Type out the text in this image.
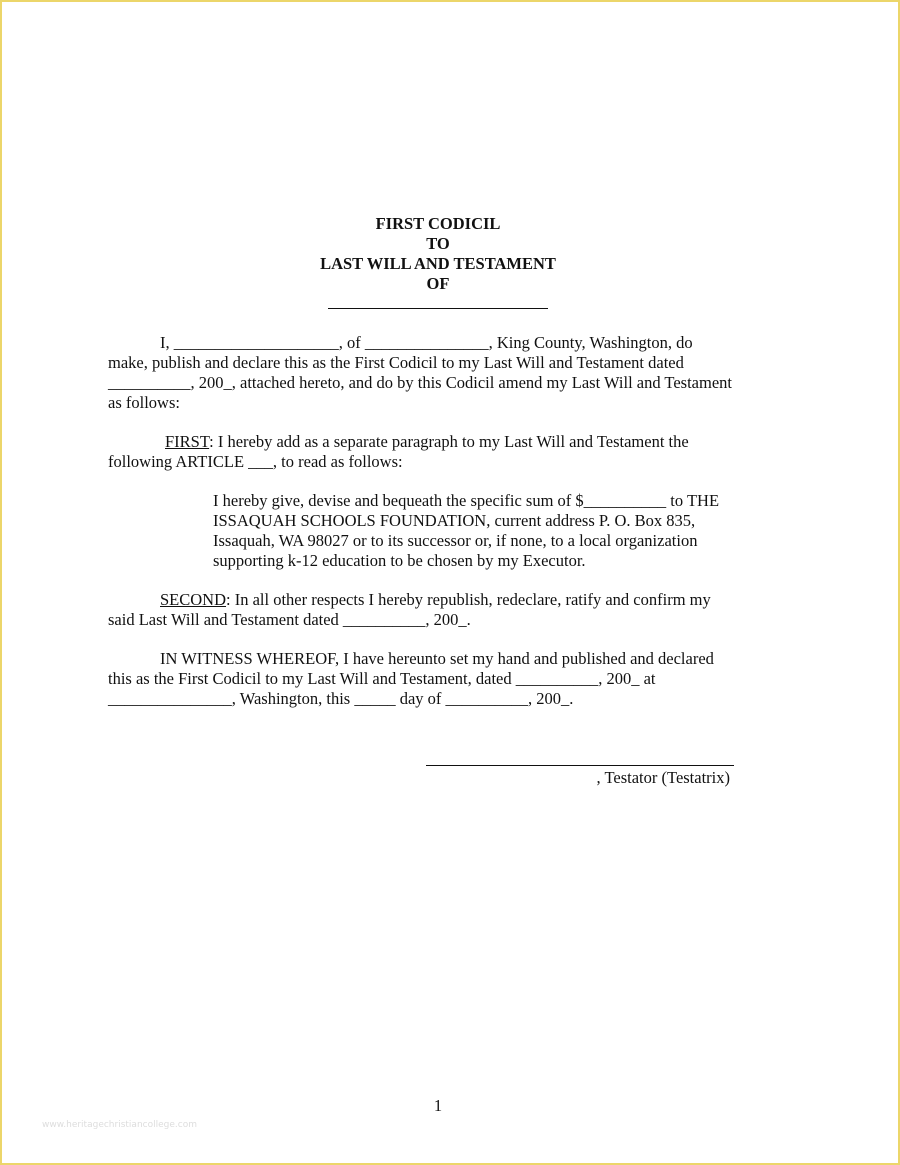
FIRST CODICIL
TO
LAST WILL AND TESTAMENT
OF
I, ____________________, of _______________, King County, Washington, do
make, publish and declare this as the First Codicil to my Last Will and Testament dated
__________, 200_, attached hereto, and do by this Codicil amend my Last Will and Testament
as follows:
FIRST: I hereby add as a separate paragraph to my Last Will and Testament the
following ARTICLE ___, to read as follows:
I hereby give, devise and bequeath the specific sum of $__________ to THE
ISSAQUAH SCHOOLS FOUNDATION, current address P. O. Box 835,
Issaquah, WA 98027 or to its successor or, if none, to a local organization
supporting k-12 education to be chosen by my Executor.
SECOND: In all other respects I hereby republish, redeclare, ratify and confirm my
said Last Will and Testament dated __________, 200_.
IN WITNESS WHEREOF, I have hereunto set my hand and published and declared
this as the First Codicil to my Last Will and Testament, dated __________, 200_ at
_______________, Washington, this _____ day of __________, 200_.
, Testator (Testatrix)
1
www.heritagechristiancollege.com
